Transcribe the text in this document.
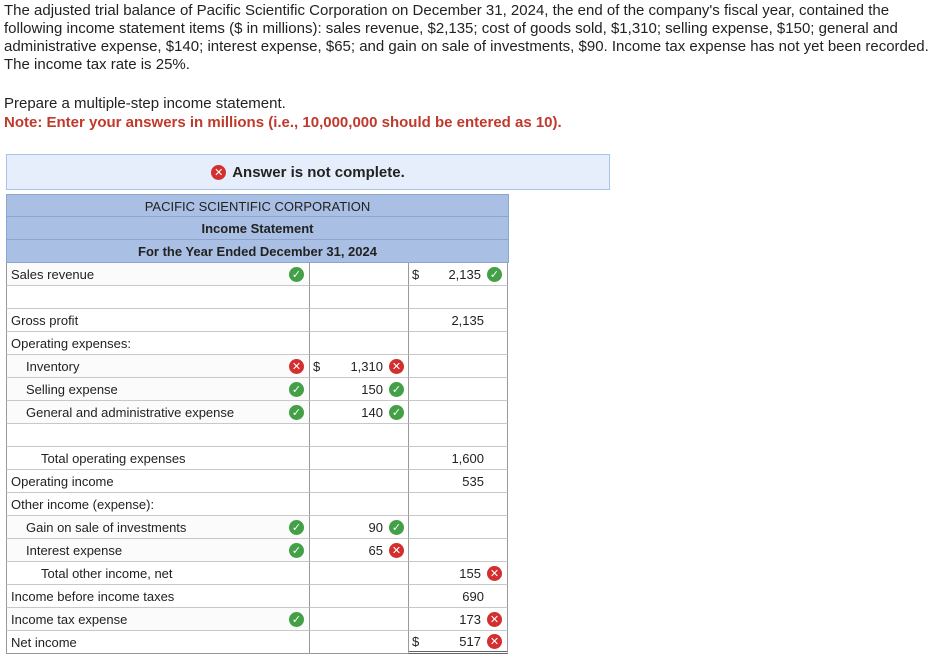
The adjusted trial balance of Pacific Scientific Corporation on December 31, 2024, the end of the company's fiscal year, contained the following income statement items ($ in millions): sales revenue, $2,135; cost of goods sold, $1,310; selling expense, $150; general and administrative expense, $140; interest expense, $65; and gain on sale of investments, $90. Income tax expense has not yet been recorded. The income tax rate is 25%.
Prepare a multiple-step income statement.
Note: Enter your answers in millions (i.e., 10,000,000 should be entered as 10).
✕ Answer is not complete.
PACIFIC SCIENTIFIC CORPORATION
Income Statement
For the Year Ended December 31, 2024
Sales revenue	✓	$ 2,135 ✓
Gross profit	2,135
Operating expenses:
Inventory	✕ $ 1,310 ✕
Selling expense	✓	150 ✓
General and administrative expense	✓	140 ✓
Total operating expenses	1,600
Operating income	535
Other income (expense):
Gain on sale of investments	✓	90 ✓
Interest expense	✓	65 ✕
Total other income, net	155 ✕
Income before income taxes	690
Income tax expense	✓	173 ✕
Net income	$	517 ✕
